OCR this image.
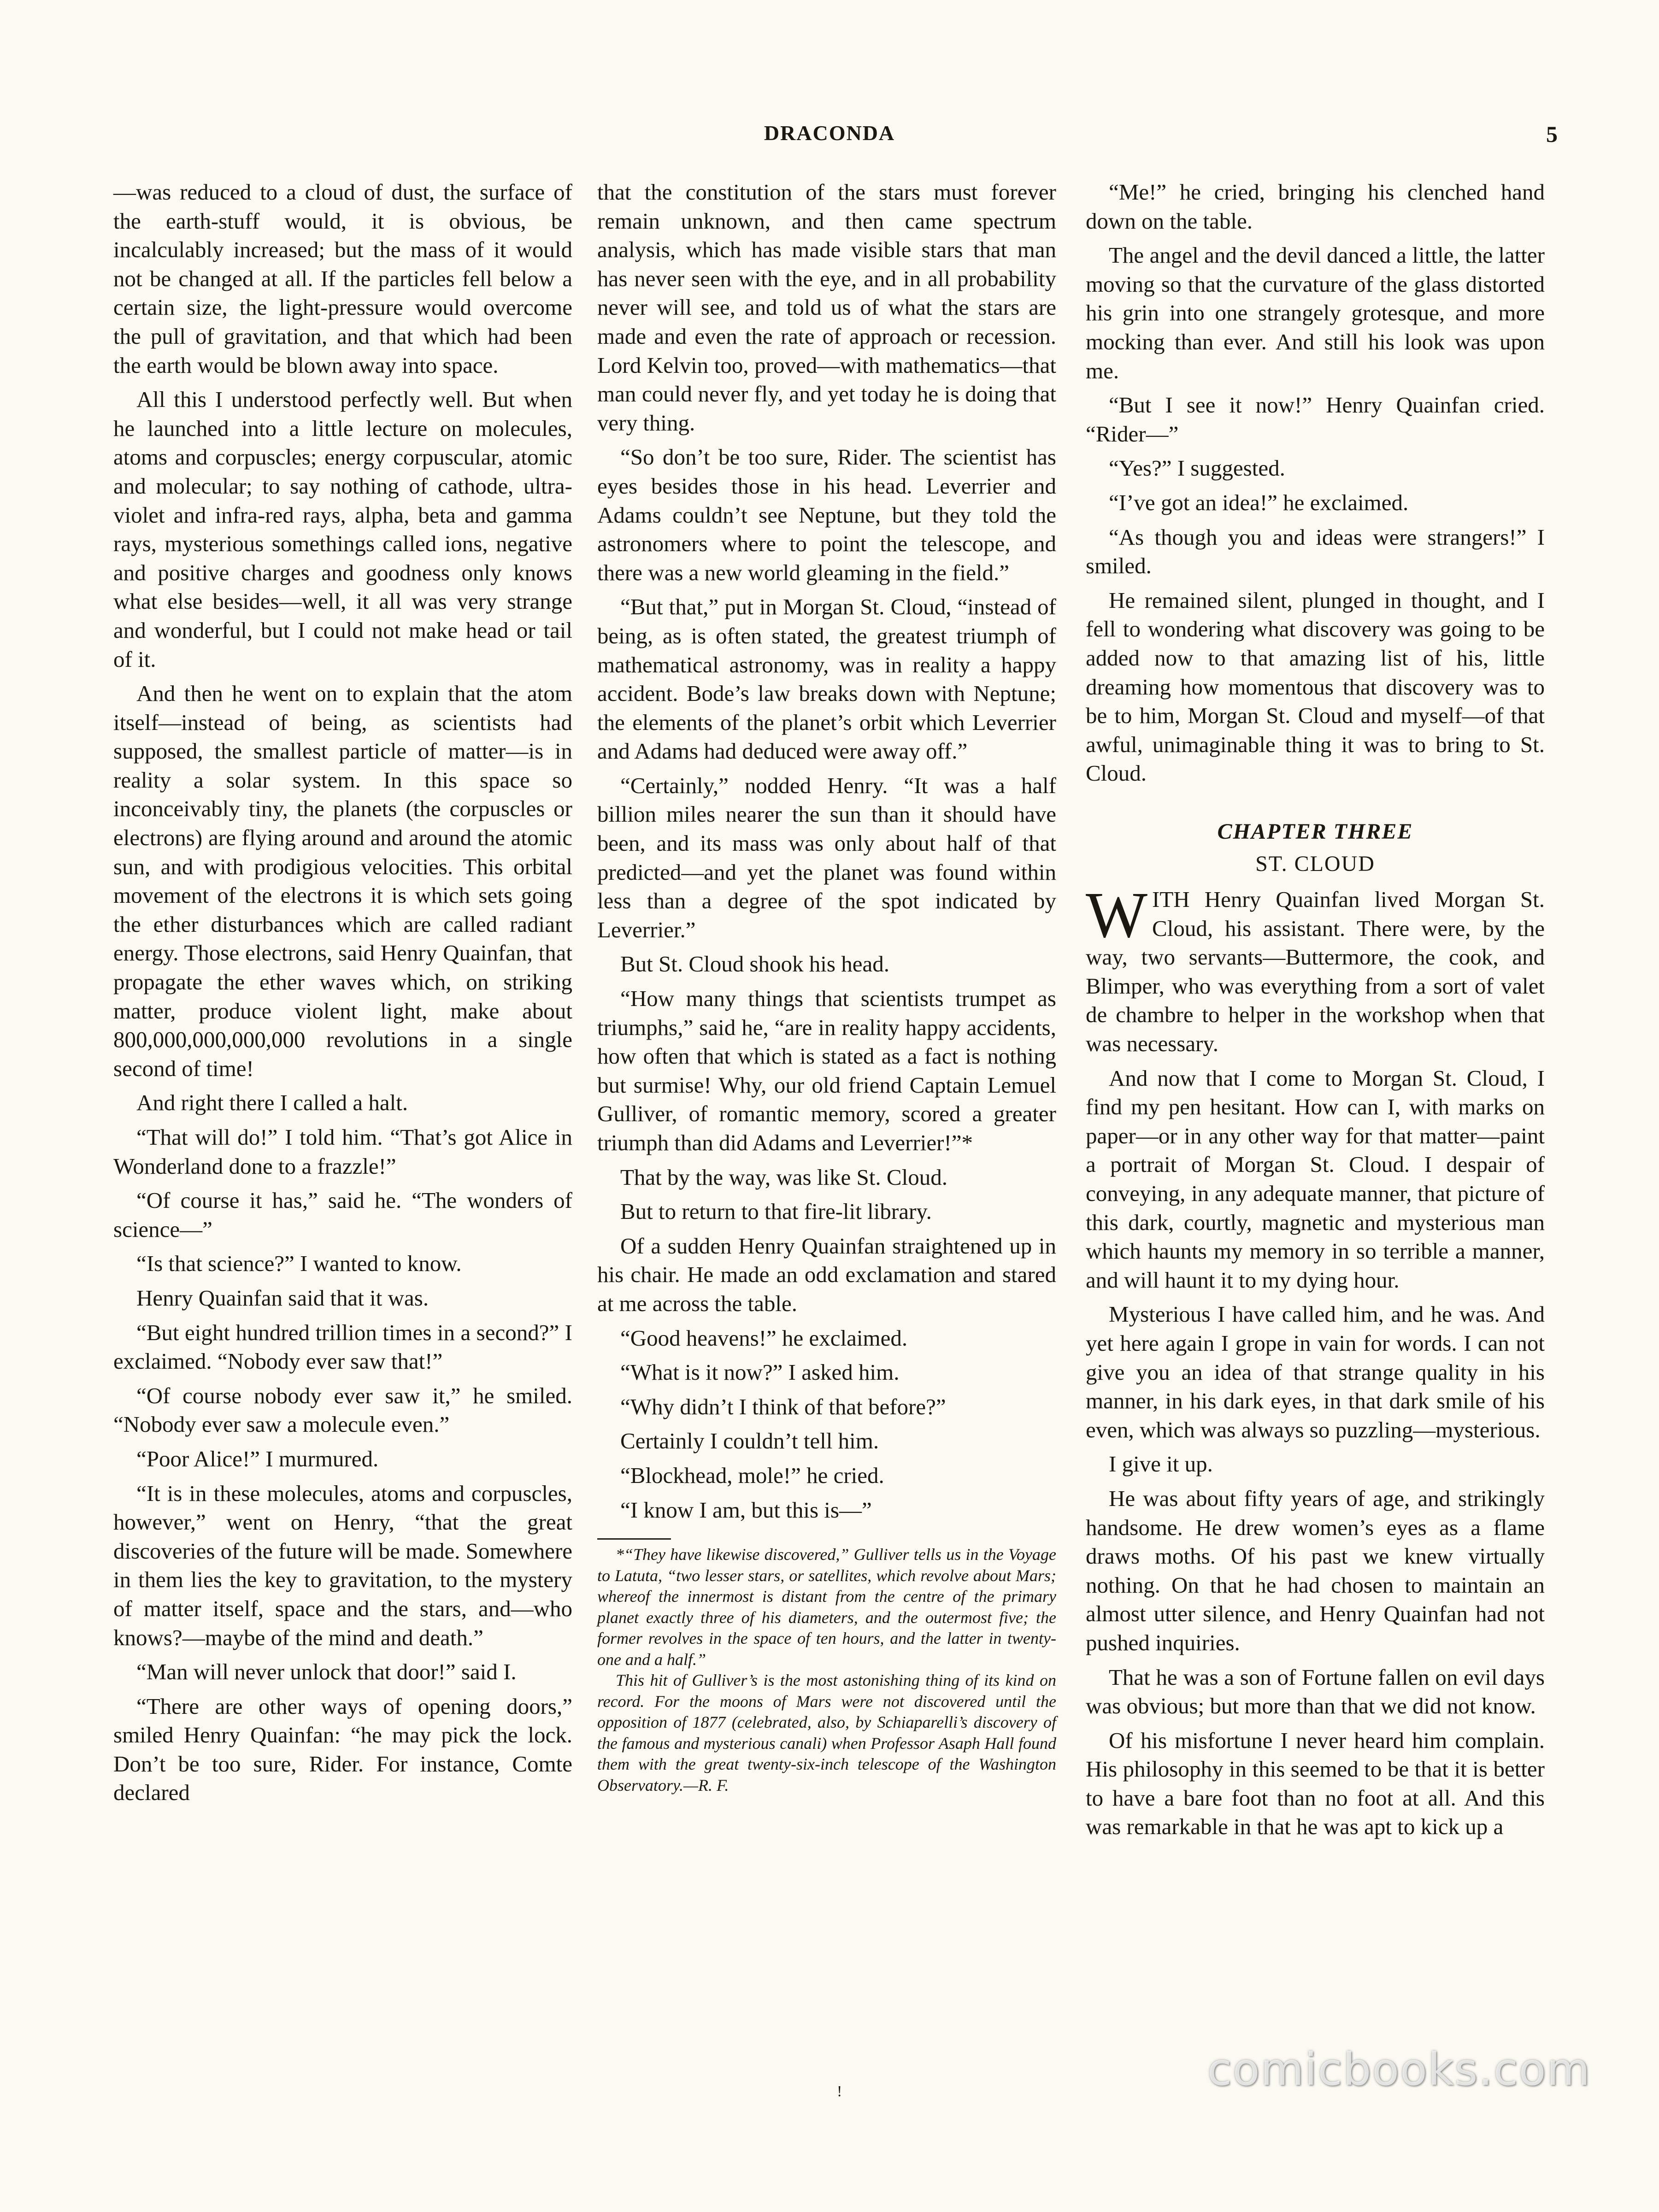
DRACONDA	5

—was reduced to a cloud of dust, the surface of the earth-stuff would, it is obvious, be incalculably increased; but the mass of it would not be changed at all. If the particles fell below a certain size, the light-pressure would overcome the pull of gravitation, and that which had been the earth would be blown away into space.

All this I understood perfectly well. But when he launched into a little lecture on molecules, atoms and corpuscles; energy corpuscular, atomic and molecular; to say nothing of cathode, ultra-violet and infra-red rays, alpha, beta and gamma rays, mysterious somethings called ions, negative and positive charges and goodness only knows what else besides—well, it all was very strange and wonderful, but I could not make head or tail of it.

And then he went on to explain that the atom itself—instead of being, as scientists had supposed, the smallest particle of matter—is in reality a solar system. In this space so inconceivably tiny, the planets (the corpuscles or electrons) are flying around and around the atomic sun, and with prodigious velocities. This orbital movement of the electrons it is which sets going the ether disturbances which are called radiant energy. Those electrons, said Henry Quainfan, that propagate the ether waves which, on striking matter, produce violent light, make about 800,000,000,000,000 revolutions in a single second of time!

And right there I called a halt.

“That will do!” I told him. “That’s got Alice in Wonderland done to a frazzle!”

“Of course it has,” said he. “The wonders of science—”

“Is that science?” I wanted to know.

Henry Quainfan said that it was.

“But eight hundred trillion times in a second?” I exclaimed. “Nobody ever saw that!”

“Of course nobody ever saw it,” he smiled. “Nobody ever saw a molecule even.”

“Poor Alice!” I murmured.

“It is in these molecules, atoms and corpuscles, however,” went on Henry, “that the great discoveries of the future will be made. Somewhere in them lies the key to gravitation, to the mystery of matter itself, space and the stars, and—who knows?—maybe of the mind and death.”

“Man will never unlock that door!” said I.

“There are other ways of opening doors,” smiled Henry Quainfan: “he may pick the lock. Don’t be too sure, Rider. For instance, Comte declared

that the constitution of the stars must forever remain unknown, and then came spectrum analysis, which has made visible stars that man has never seen with the eye, and in all probability never will see, and told us of what the stars are made and even the rate of approach or recession. Lord Kelvin too, proved—with mathematics—that man could never fly, and yet today he is doing that very thing.

“So don’t be too sure, Rider. The scientist has eyes besides those in his head. Leverrier and Adams couldn’t see Neptune, but they told the astronomers where to point the telescope, and there was a new world gleaming in the field.”

“But that,” put in Morgan St. Cloud, “instead of being, as is often stated, the greatest triumph of mathematical astronomy, was in reality a happy accident. Bode’s law breaks down with Neptune; the elements of the planet’s orbit which Leverrier and Adams had deduced were away off.”

“Certainly,” nodded Henry. “It was a half billion miles nearer the sun than it should have been, and its mass was only about half of that predicted—and yet the planet was found within less than a degree of the spot indicated by Leverrier.”

But St. Cloud shook his head.

“How many things that scientists trumpet as triumphs,” said he, “are in reality happy accidents, how often that which is stated as a fact is nothing but surmise! Why, our old friend Captain Lemuel Gulliver, of romantic memory, scored a greater triumph than did Adams and Leverrier!”*

That by the way, was like St. Cloud.

But to return to that fire-lit library.

Of a sudden Henry Quainfan straightened up in his chair. He made an odd exclamation and stared at me across the table.

“Good heavens!” he exclaimed.

“What is it now?” I asked him.

“Why didn’t I think of that before?”

Certainly I couldn’t tell him.

“Blockhead, mole!” he cried.

“I know I am, but this is—”

*“They have likewise discovered,” Gulliver tells us in the Voyage to Latuta, “two lesser stars, or satellites, which revolve about Mars; whereof the innermost is distant from the centre of the primary planet exactly three of his diameters, and the outermost five; the former revolves in the space of ten hours, and the latter in twenty-one and a half.”

This hit of Gulliver’s is the most astonishing thing of its kind on record. For the moons of Mars were not discovered until the opposition of 1877 (celebrated, also, by Schiaparelli’s discovery of the famous and mysterious canali) when Professor Asaph Hall found them with the great twenty-six-inch telescope of the Washington Observatory.—R. F.

“Me!” he cried, bringing his clenched hand down on the table.

The angel and the devil danced a little, the latter moving so that the curvature of the glass distorted his grin into one strangely grotesque, and more mocking than ever. And still his look was upon me.

“But I see it now!” Henry Quainfan cried. “Rider—”

“Yes?” I suggested.

“I’ve got an idea!” he exclaimed.

“As though you and ideas were strangers!” I smiled.

He remained silent, plunged in thought, and I fell to wondering what discovery was going to be added now to that amazing list of his, little dreaming how momentous that discovery was to be to him, Morgan St. Cloud and myself—of that awful, unimaginable thing it was to bring to St. Cloud.

CHAPTER THREE
ST. CLOUD

WITH Henry Quainfan lived Morgan St. Cloud, his assistant. There were, by the way, two servants—Buttermore, the cook, and Blimper, who was everything from a sort of valet de chambre to helper in the workshop when that was necessary.

And now that I come to Morgan St. Cloud, I find my pen hesitant. How can I, with marks on paper—or in any other way for that matter—paint a portrait of Morgan St. Cloud. I despair of conveying, in any adequate manner, that picture of this dark, courtly, magnetic and mysterious man which haunts my memory in so terrible a manner, and will haunt it to my dying hour.

Mysterious I have called him, and he was. And yet here again I grope in vain for words. I can not give you an idea of that strange quality in his manner, in his dark eyes, in that dark smile of his even, which was always so puzzling—mysterious.

I give it up.

He was about fifty years of age, and strikingly handsome. He drew women’s eyes as a flame draws moths. Of his past we knew virtually nothing. On that he had chosen to maintain an almost utter silence, and Henry Quainfan had not pushed inquiries.

That he was a son of Fortune fallen on evil days was obvious; but more than that we did not know.

Of his misfortune I never heard him complain. His philosophy in this seemed to be that it is better to have a bare foot than no foot at all. And this was remarkable in that he was apt to kick up a

!	comicbooks.com
